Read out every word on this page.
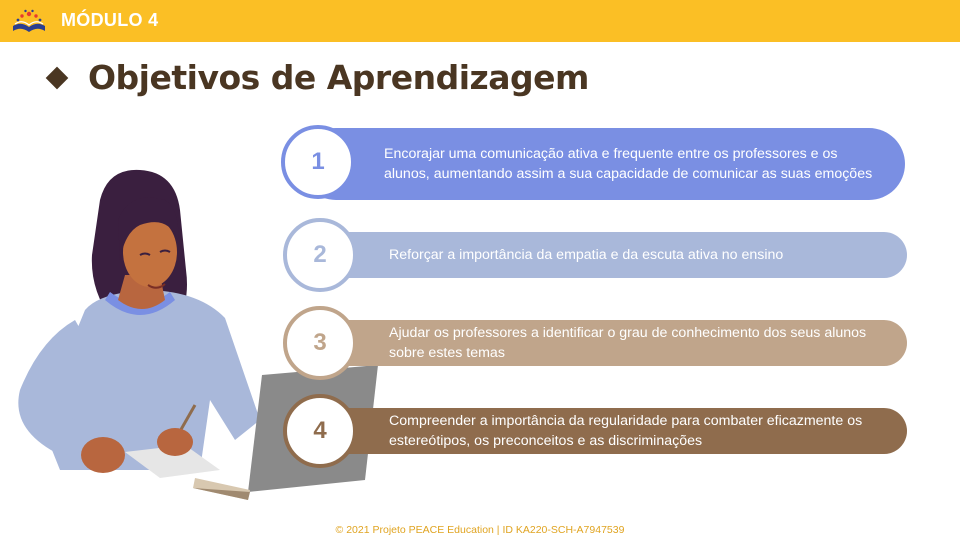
MÓDULO 4
Objetivos de Aprendizagem
Encorajar uma comunicação ativa e frequente entre os professores e os alunos, aumentando assim a sua capacidade de comunicar as suas emoções
1
Reforçar a importância da empatia e da escuta ativa no ensino
2
Ajudar os professores a identificar o grau de conhecimento dos seus alunos sobre estes temas
3
Compreender a importância da regularidade para combater eficazmente os estereótipos, os preconceitos e as discriminações
4
© 2021 Projeto PEACE Education | ID KA220-SCH-A7947539
